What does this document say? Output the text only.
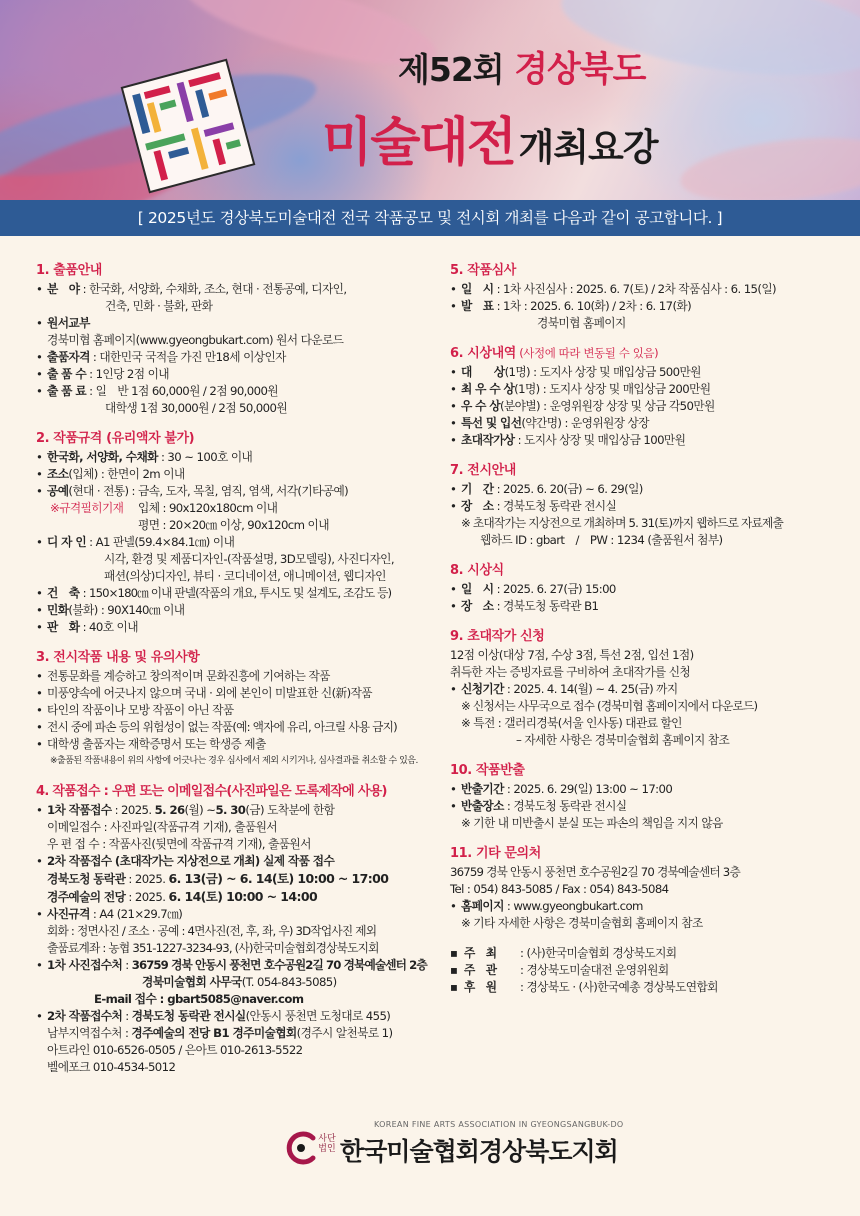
제52회 경상북도
미술대전 개최요강
[ 2025년도 경상북도미술대전 전국 작품공모 및 전시회 개최를 다음과 같이 공고합니다. ]
1. 출품안내
• 분　야 : 한국화, 서양화, 수채화, 조소, 현대 · 전통공예, 디자인,
건축, 민화 · 불화, 판화
• 원서교부
경북미협 홈페이지(www.gyeongbukart.com) 원서 다운로드
• 출품자격 : 대한민국 국적을 가진 만18세 이상인자
• 출 품 수 : 1인당 2점 이내
• 출 품 료 : 일　반 1점 60,000원 / 2점 90,000원
대학생 1점 30,000원 / 2점 50,000원
2. 작품규격 (유리액자 불가)
• 한국화, 서양화, 수채화 : 30 ~ 100호 이내
• 조소 (입체) : 한면이 2m 이내
• 공예 (현대 · 전통) : 금속, 도자, 목칠, 염직, 염색, 서각(기타공예)
※규격필히기재	입체 : 90x120x180cm 이내
평면 : 20×20㎝ 이상, 90x120cm 이내
• 디 자 인 : A1 판넬(59.4×84.1㎝) 이내
시각, 환경 및 제품디자인-(작품설명, 3D모델링), 사진디자인,
패션(의상)디자인, 뷰티 · 코디네이션, 애니메이션, 웹디자인
• 건　축 : 150×180㎝ 이내 판넬(작품의 개요, 투시도 및 설계도, 조감도 등)
• 민화 (불화) : 90X140㎝ 이내
• 판　화 : 40호 이내
3. 전시작품 내용 및 유의사항
• 전통문화를 계승하고 창의적이며 문화진흥에 기여하는 작품
• 미풍양속에 어긋나지 않으며 국내 · 외에 본인이 미발표한 신(新)작품
• 타인의 작품이나 모방 작품이 아닌 작품
• 전시 중에 파손 등의 위험성이 없는 작품(예: 액자에 유리, 아크릴 사용 금지)
• 대학생 출품자는 재학증명서 또는 학생증 제출
※출품된 작품내용이 위의 사항에 어긋나는 경우 심사에서 제외 시키거나, 심사결과를 취소할 수 있음.
4. 작품접수 : 우편 또는 이메일접수(사진파일은 도록제작에 사용)
• 1차 작품접수 : 2025. 5. 26 (월) ~ 5. 30 (금) 도착분에 한함
이메일접수 : 사진파일(작품규격 기재), 출품원서
우 편 접 수 : 작품사진(뒷면에 작품규격 기재), 출품원서
• 2차 작품접수 (초대작가는 지상전으로 개최) 실제 작품 접수
경북도청 동락관 : 2025. 6. 13(금) ~ 6. 14(토) 10:00 ~ 17:00
경주예술의 전당 : 2025. 6. 14(토) 10:00 ~ 14:00
• 사진규격 : A4 (21×29.7㎝)
회화 : 정면사진 / 조소 · 공예 : 4면사진(전, 후, 좌, 우) 3D작업사진 제외
출품료계좌 : 농협 351-1227-3234-93, (사)한국미술협회경상북도지회
• 1차 사진접수처 : 36759 경북 안동시 풍천면 호수공원2길 70 경북예술센터 2층
경북미술협회 사무국(T. 054-843-5085)
E-mail 접수 : gbart5085@naver.com
• 2차 작품접수처 : 경북도청 동락관 전시실 (안동시 풍천면 도청대로 455)
남부지역접수처 : 경주예술의 전당 B1 경주미술협회(경주시 알천북로 1)
아트라인 010-6526-0505 / 은아트 010-2613-5522
벨에포크 010-4534-5012
5. 작품심사
• 일　시 : 1차 사진심사 : 2025. 6. 7(토) / 2차 작품심사 : 6. 15(일)
• 발　표 : 1차 : 2025. 6. 10(화) / 2차 : 6. 17(화)
경북미협 홈페이지
6. 시상내역 (사정에 따라 변동될 수 있음)
• 대　　상 (1명) : 도지사 상장 및 매입상금 500만원
• 최 우 수 상 (1명) : 도지사 상장 및 매입상금 200만원
• 우 수 상 (분야별) : 운영위원장 상장 및 상금 각50만원
• 특선 및 입선 (약간명) : 운영위원장 상장
• 초대작가상 : 도지사 상장 및 매입상금 100만원
7. 전시안내
• 기　간 : 2025. 6. 20(금) ~ 6. 29(일)
• 장　소 : 경북도청 동락관 전시실
※ 초대작가는 지상전으로 개최하며 5. 31(토)까지 웹하드로 자료제출
웹하드 ID : gbart　/　PW : 1234 (출품원서 첨부)
8. 시상식
• 일　시 : 2025. 6. 27(금) 15:00
• 장　소 : 경북도청 동락관 B1
9. 초대작가 신청
12점 이상(대상 7점, 수상 3점, 특선 2점, 입선 1점)
취득한 자는 증빙자료를 구비하여 초대작가를 신청
• 신청기간 : 2025. 4. 14(월) ~ 4. 25(금) 까지
※ 신청서는 사무국으로 접수 (경북미협 홈페이지에서 다운로드)
※ 특전 : 갤러리경북(서울 인사동) 대관료 할인
– 자세한 사항은 경북미술협회 홈페이지 참조
10. 작품반출
• 반출기간 : 2025. 6. 29(일) 13:00 ~ 17:00
• 반출장소 : 경북도청 동락관 전시실
※ 기한 내 미반출시 분실 또는 파손의 책임을 지지 않음
11. 기타 문의처
36759 경북 안동시 풍천면 호수공원2길 70 경북예술센터 3층
Tel : 054) 843-5085 / Fax : 054) 843-5084
• 홈페이지 : www.gyeongbukart.com
※ 기타 자세한 사항은 경북미술협회 홈페이지 참조
▪ 주　최	: (사)한국미술협회 경상북도지회
▪ 주　관	: 경상북도미술대전 운영위원회
▪ 후　원	: 경상북도 · (사)한국예총 경상북도연합회
KOREAN FINE ARTS ASSOCIATION IN GYEONGSANGBUK-DO
사단
법인 한국미술협회경상북도지회
